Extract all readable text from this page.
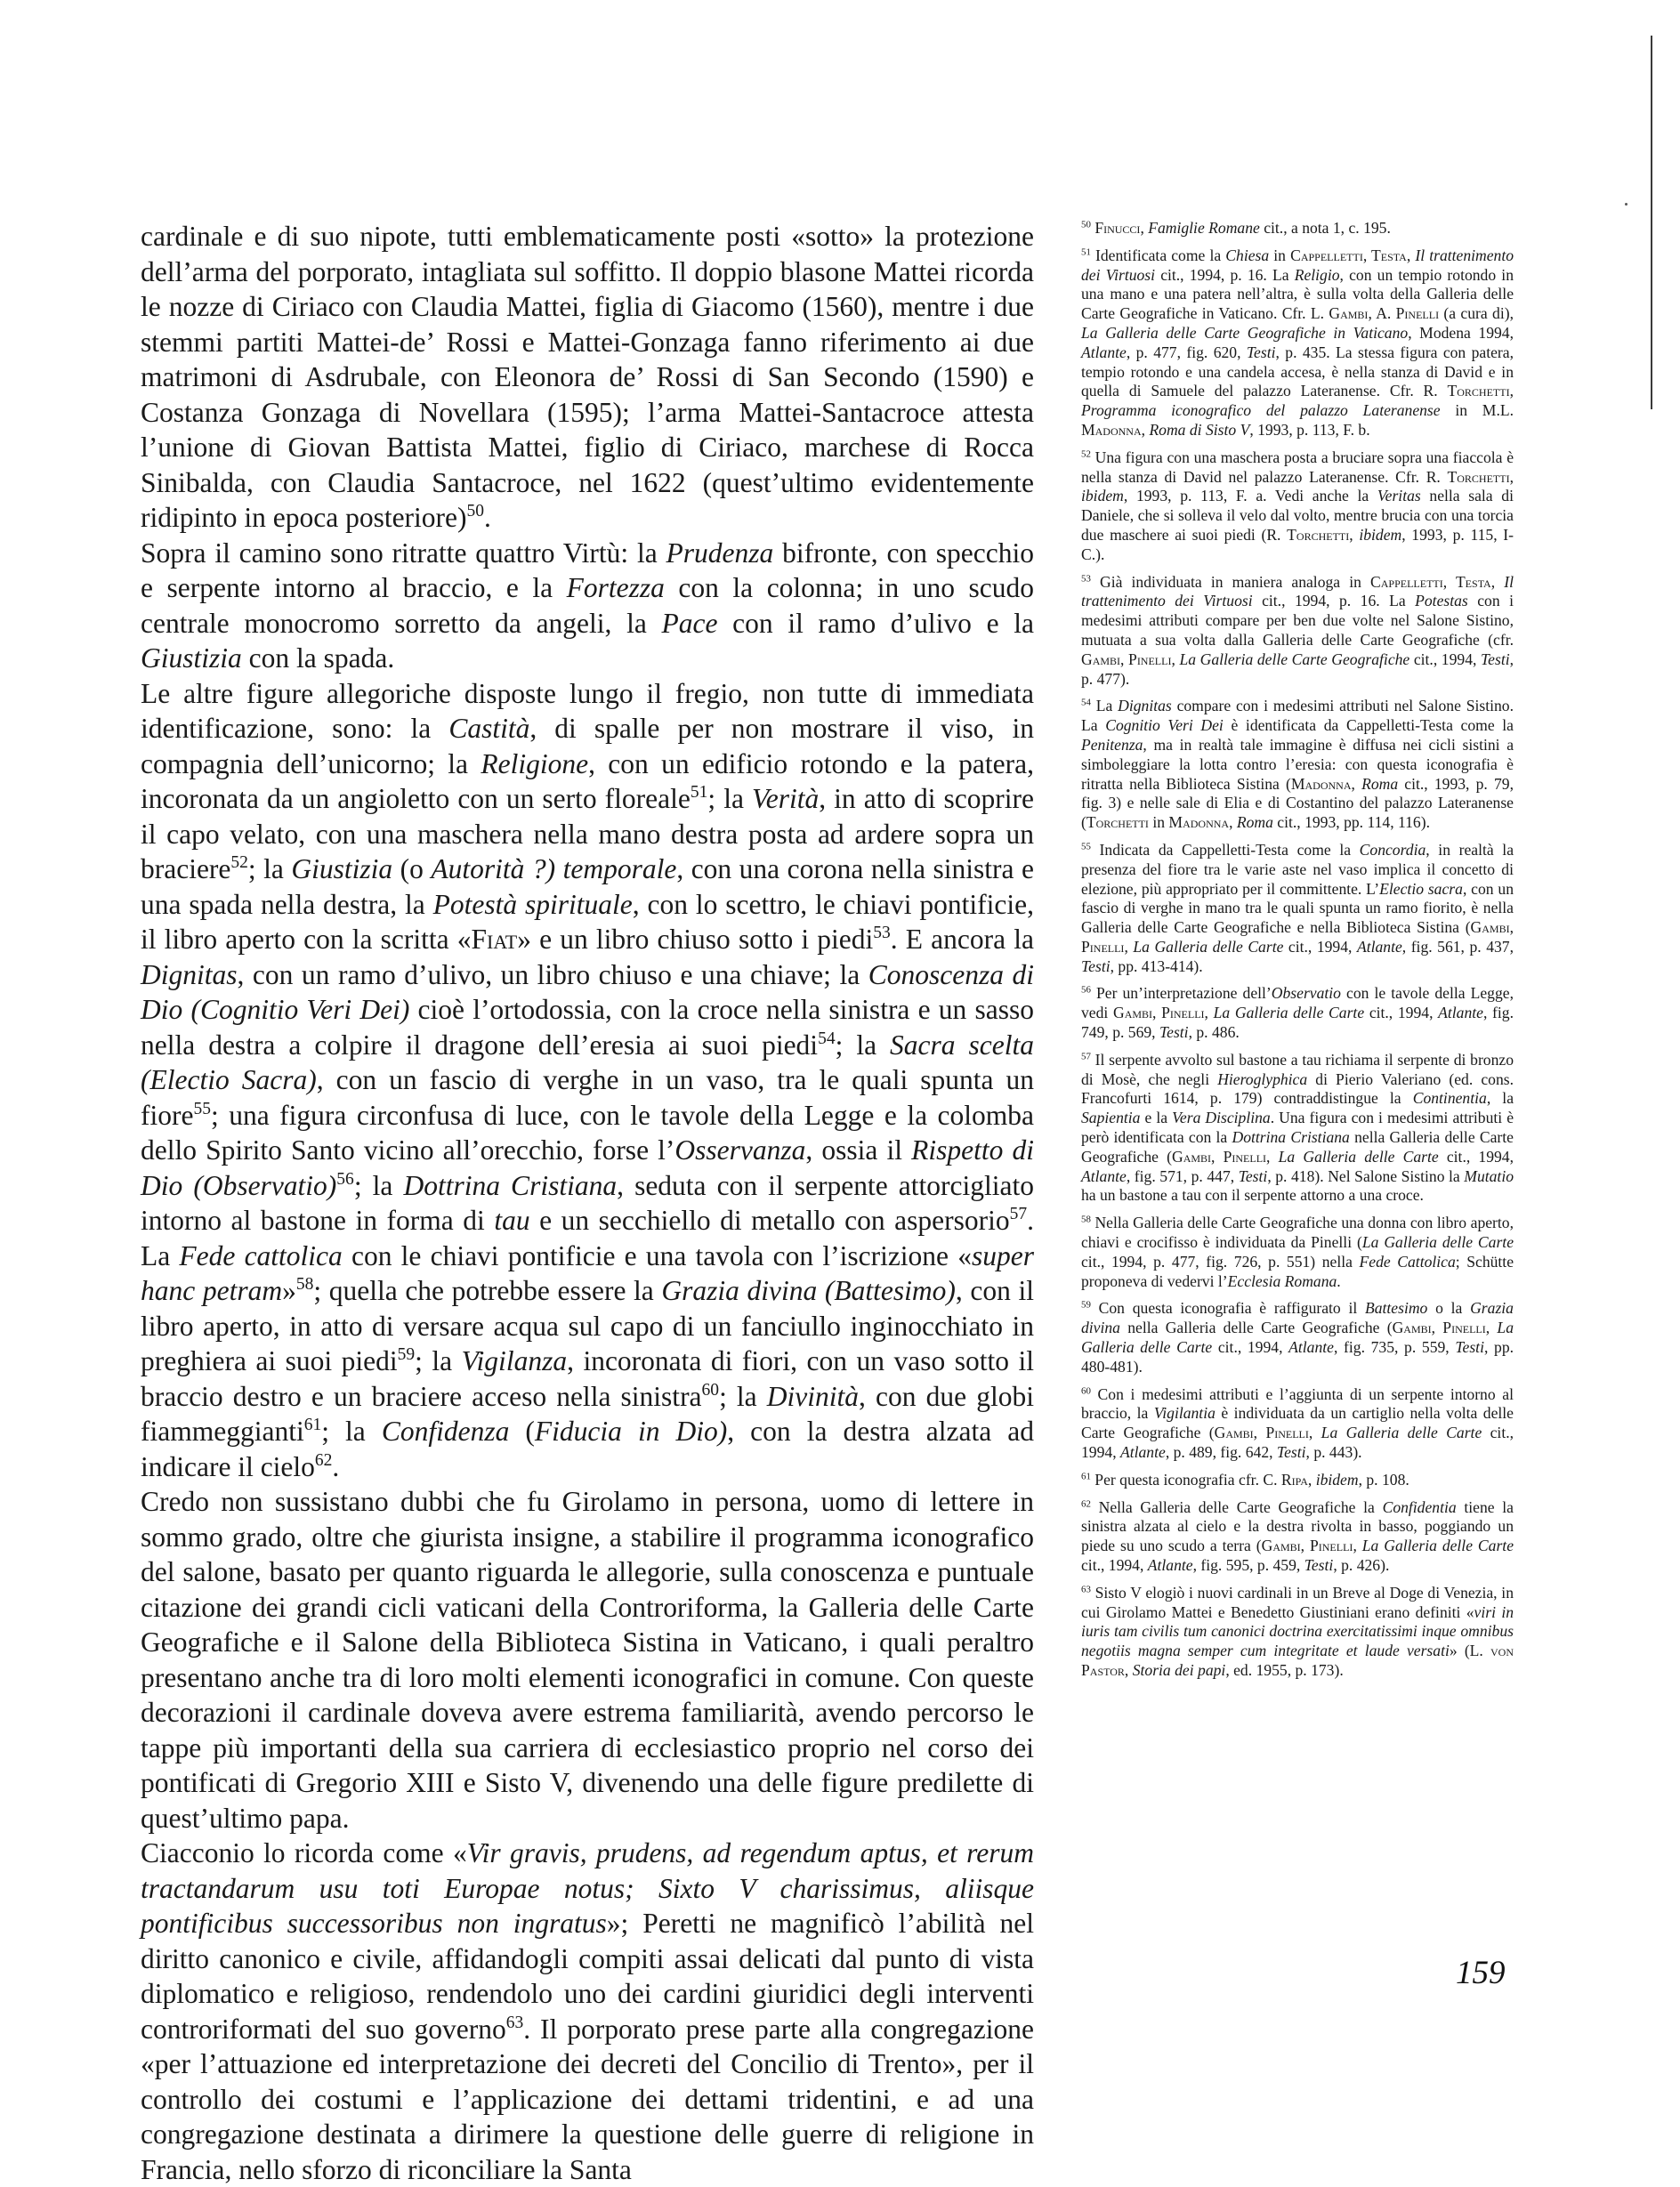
cardinale e di suo nipote, tutti emblematicamente posti «sotto» la protezione dell’arma del porporato, intagliata sul soffitto. Il doppio blasone Mattei ricorda le nozze di Ciriaco con Claudia Mattei, figlia di Giacomo (1560), mentre i due stemmi partiti Mattei-de’ Rossi e Mattei-Gonzaga fanno riferimento ai due matrimoni di Asdrubale, con Eleonora de’ Rossi di San Secondo (1590) e Costanza Gonzaga di Novellara (1595); l’arma Mattei-Santacroce attesta l’unione di Giovan Battista Mattei, figlio di Ciriaco, marchese di Rocca Sinibalda, con Claudia Santacroce, nel 1622 (quest’ultimo evidentemente ridipinto in epoca posteriore)$^{50}$.

Sopra il camino sono ritratte quattro Virtù: la Prudenza bifronte, con specchio e serpente intorno al braccio, e la Fortezza con la colonna; in uno scudo centrale monocromo sorretto da angeli, la Pace con il ramo d’ulivo e la Giustizia con la spada.

Le altre figure allegoriche disposte lungo il fregio, non tutte di immediata identificazione, sono: la Castità, di spalle per non mostrare il viso, in compagnia dell’unicorno; la Religione, con un edificio rotondo e la patera, incoronata da un angioletto con un serto floreale$^{51}$; la Verità, in atto di scoprire il capo velato, con una maschera nella mano destra posta ad ardere sopra un braciere$^{52}$; la Giustizia (o Autorità ?) temporale, con una corona nella sinistra e una spada nella destra, la Potestà spirituale, con lo scettro, le chiavi pontificie, il libro aperto con la scritta «Fiat» e un libro chiuso sotto i piedi$^{53}$. E ancora la Dignitas, con un ramo d’ulivo, un libro chiuso e una chiave; la Conoscenza di Dio (Cognitio Veri Dei) cioè l’ortodossia, con la croce nella sinistra e un sasso nella destra a colpire il dragone dell’eresia ai suoi piedi$^{54}$; la Sacra scelta (Electio Sacra), con un fascio di verghe in un vaso, tra le quali spunta un fiore$^{55}$; una figura circonfusa di luce, con le tavole della Legge e la colomba dello Spirito Santo vicino all’orecchio, forse l’Osservanza, ossia il Rispetto di Dio (Observatio)$^{56}$; la Dottrina Cristiana, seduta con il serpente attorcigliato intorno al bastone in forma di tau e un secchiello di metallo con aspersorio$^{57}$. La Fede cattolica con le chiavi pontificie e una tavola con l’iscrizione «super hanc petram»$^{58}$; quella che potrebbe essere la Grazia divina (Battesimo), con il libro aperto, in atto di versare acqua sul capo di un fanciullo inginocchiato in preghiera ai suoi piedi$^{59}$; la Vigilanza, incoronata di fiori, con un vaso sotto il braccio destro e un braciere acceso nella sinistra$^{60}$; la Divinità, con due globi fiammeggianti$^{61}$; la Confidenza (Fiducia in Dio), con la destra alzata ad indicare il cielo$^{62}$.

Credo non sussistano dubbi che fu Girolamo in persona, uomo di lettere in sommo grado, oltre che giurista insigne, a stabilire il programma iconografico del salone, basato per quanto riguarda le allegorie, sulla conoscenza e puntuale citazione dei grandi cicli vaticani della Controriforma, la Galleria delle Carte Geografiche e il Salone della Biblioteca Sistina in Vaticano, i quali peraltro presentano anche tra di loro molti elementi iconografici in comune. Con queste decorazioni il cardinale doveva avere estrema familiarità, avendo percorso le tappe più importanti della sua carriera di ecclesiastico proprio nel corso dei pontificati di Gregorio XIII e Sisto V, divenendo una delle figure predilette di quest’ultimo papa.

Ciacconio lo ricorda come «Vir gravis, prudens, ad regendum aptus, et rerum tractandarum usu toti Europae notus; Sixto V charissimus, aliisque pontificibus successoribus non ingratus»; Peretti ne magnificò l’abilità nel diritto canonico e civile, affidandogli compiti assai delicati dal punto di vista diplomatico e religioso, rendendolo uno dei cardini giuridici degli interventi controriformati del suo governo$^{63}$. Il porporato prese parte alla congregazione «per l’attuazione ed interpretazione dei decreti del Concilio di Trento», per il controllo dei costumi e l’applicazione dei dettami tridentini, e ad una congregazione destinata a dirimere la questione delle guerre di religione in Francia, nello sforzo di riconciliare la Santa

$^{50}$ Finucci, Famiglie Romane cit., a nota 1, c. 195.

$^{51}$ Identificata come la Chiesa in Cappelletti, Testa, Il trattenimento dei Virtuosi cit., 1994, p. 16. La Religio, con un tempio rotondo in una mano e una patera nell’altra, è sulla volta della Galleria delle Carte Geografiche in Vaticano. Cfr. L. Gambi, A. Pinelli (a cura di), La Galleria delle Carte Geografiche in Vaticano, Modena 1994, Atlante, p. 477, fig. 620, Testi, p. 435. La stessa figura con patera, tempio rotondo e una candela accesa, è nella stanza di David e in quella di Samuele del palazzo Lateranense. Cfr. R. Torchetti, Programma iconografico del palazzo Lateranense in M.L. Madonna, Roma di Sisto V, 1993, p. 113, F. b.

$^{52}$ Una figura con una maschera posta a bruciare sopra una fiaccola è nella stanza di David nel palazzo Lateranense. Cfr. R. Torchetti, ibidem, 1993, p. 113, F. a. Vedi anche la Veritas nella sala di Daniele, che si solleva il velo dal volto, mentre brucia con una torcia due maschere ai suoi piedi (R. Torchetti, ibidem, 1993, p. 115, I-C.).

$^{53}$ Già individuata in maniera analoga in Cappelletti, Testa, Il trattenimento dei Virtuosi cit., 1994, p. 16. La Potestas con i medesimi attributi compare per ben due volte nel Salone Sistino, mutuata a sua volta dalla Galleria delle Carte Geografiche (cfr. Gambi, Pinelli, La Galleria delle Carte Geografiche cit., 1994, Testi, p. 477).

$^{54}$ La Dignitas compare con i medesimi attributi nel Salone Sistino. La Cognitio Veri Dei è identificata da Cappelletti-Testa come la Penitenza, ma in realtà tale immagine è diffusa nei cicli sistini a simboleggiare la lotta contro l’eresia: con questa iconografia è ritratta nella Biblioteca Sistina (Madonna, Roma cit., 1993, p. 79, fig. 3) e nelle sale di Elia e di Costantino del palazzo Lateranense (Torchetti in Madonna, Roma cit., 1993, pp. 114, 116).

$^{55}$ Indicata da Cappelletti-Testa come la Concordia, in realtà la presenza del fiore tra le varie aste nel vaso implica il concetto di elezione, più appropriato per il committente. L’Electio sacra, con un fascio di verghe in mano tra le quali spunta un ramo fiorito, è nella Galleria delle Carte Geografiche e nella Biblioteca Sistina (Gambi, Pinelli, La Galleria delle Carte cit., 1994, Atlante, fig. 561, p. 437, Testi, pp. 413-414).

$^{56}$ Per un’interpretazione dell’Observatio con le tavole della Legge, vedi Gambi, Pinelli, La Galleria delle Carte cit., 1994, Atlante, fig. 749, p. 569, Testi, p. 486.

$^{57}$ Il serpente avvolto sul bastone a tau richiama il serpente di bronzo di Mosè, che negli Hieroglyphica di Pierio Valeriano (ed. cons. Francofurti 1614, p. 179) contraddistingue la Continentia, la Sapientia e la Vera Disciplina. Una figura con i medesimi attributi è però identificata con la Dottrina Cristiana nella Galleria delle Carte Geografiche (Gambi, Pinelli, La Galleria delle Carte cit., 1994, Atlante, fig. 571, p. 447, Testi, p. 418). Nel Salone Sistino la Mutatio ha un bastone a tau con il serpente attorno a una croce.

$^{58}$ Nella Galleria delle Carte Geografiche una donna con libro aperto, chiavi e crocifisso è individuata da Pinelli (La Galleria delle Carte cit., 1994, p. 477, fig. 726, p. 551) nella Fede Cattolica; Schütte proponeva di vedervi l’Ecclesia Romana.

$^{59}$ Con questa iconografia è raffigurato il Battesimo o la Grazia divina nella Galleria delle Carte Geografiche (Gambi, Pinelli, La Galleria delle Carte cit., 1994, Atlante, fig. 735, p. 559, Testi, pp. 480-481).

$^{60}$ Con i medesimi attributi e l’aggiunta di un serpente intorno al braccio, la Vigilantia è individuata da un cartiglio nella volta delle Carte Geografiche (Gambi, Pinelli, La Galleria delle Carte cit., 1994, Atlante, p. 489, fig. 642, Testi, p. 443).

$^{61}$ Per questa iconografia cfr. C. Ripa, ibidem, p. 108.

$^{62}$ Nella Galleria delle Carte Geografiche la Confidentia tiene la sinistra alzata al cielo e la destra rivolta in basso, poggiando un piede su uno scudo a terra (Gambi, Pinelli, La Galleria delle Carte cit., 1994, Atlante, fig. 595, p. 459, Testi, p. 426).

$^{63}$ Sisto V elogiò i nuovi cardinali in un Breve al Doge di Venezia, in cui Girolamo Mattei e Benedetto Giustiniani erano definiti «viri in iuris tam civilis tum canonici doctrina exercitatissimi inque omnibus negotiis magna semper cum integritate et laude versati» (L. von Pastor, Storia dei papi, ed. 1955, p. 173).

159
